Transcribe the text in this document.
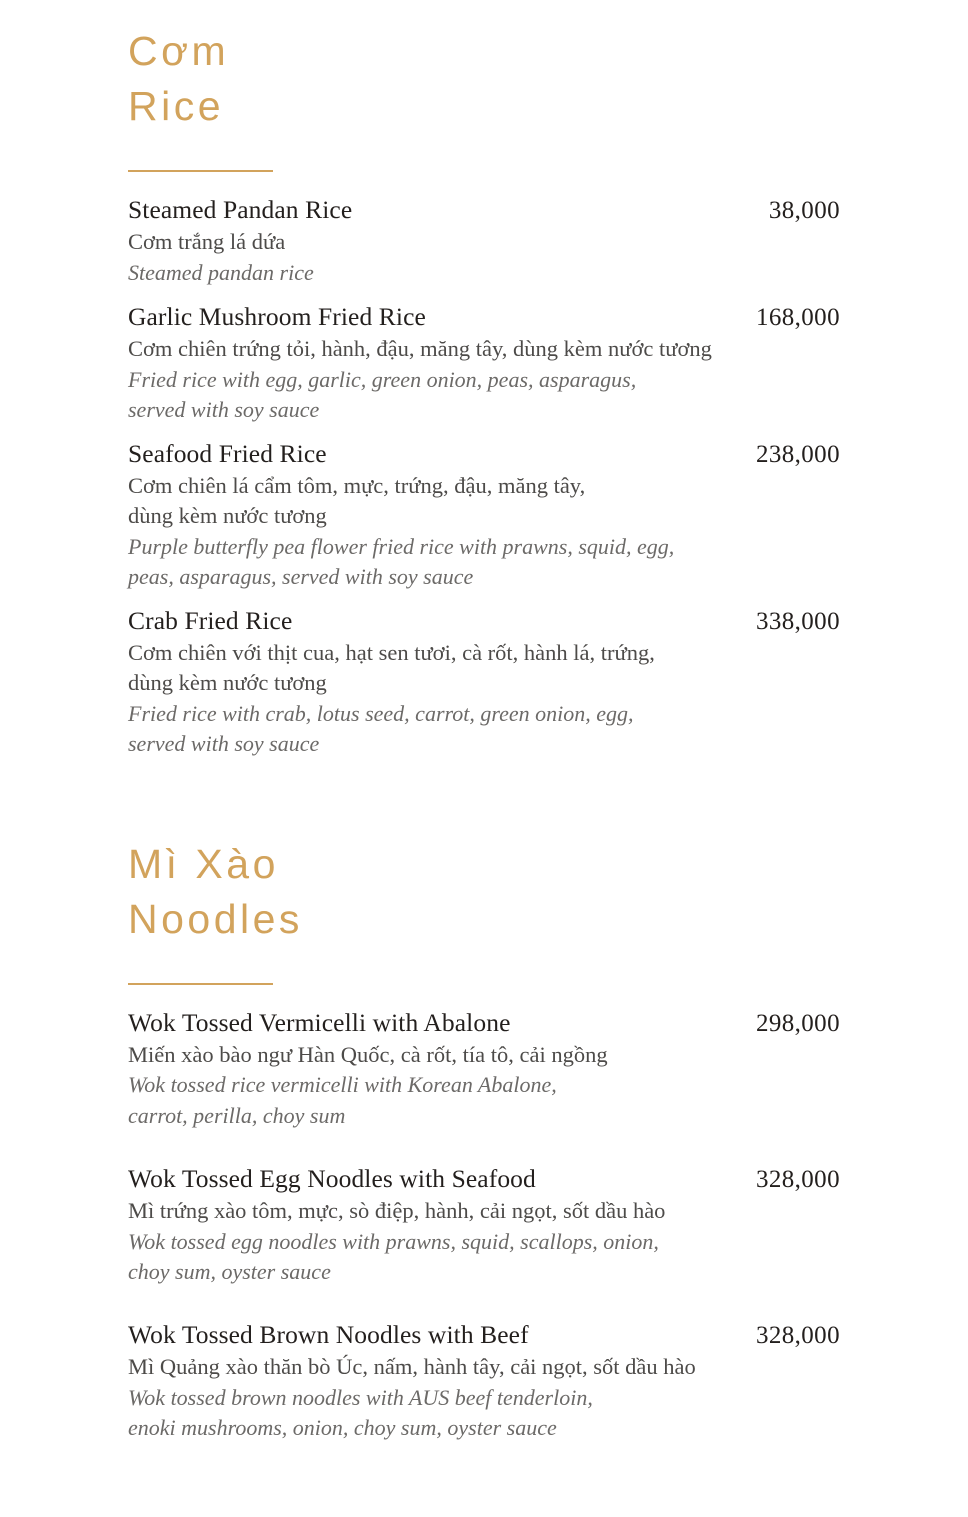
Cơm
Rice
Steamed Pandan Rice	38,000
Cơm trắng lá dứa
Steamed pandan rice
Garlic Mushroom Fried Rice	168,000
Cơm chiên trứng tỏi, hành, đậu, măng tây, dùng kèm nước tương
Fried rice with egg, garlic, green onion, peas, asparagus,
served with soy sauce
Seafood Fried Rice	238,000
Cơm chiên lá cẩm tôm, mực, trứng, đậu, măng tây,
dùng kèm nước tương
Purple butterfly pea flower fried rice with prawns, squid, egg,
peas, asparagus, served with soy sauce
Crab Fried Rice	338,000
Cơm chiên với thịt cua, hạt sen tươi, cà rốt, hành lá, trứng,
dùng kèm nước tương
Fried rice with crab, lotus seed, carrot, green onion, egg,
served with soy sauce
Mì Xào
Noodles
Wok Tossed Vermicelli with Abalone	298,000
Miến xào bào ngư Hàn Quốc, cà rốt, tía tô, cải ngồng
Wok tossed rice vermicelli with Korean Abalone,
carrot, perilla, choy sum
Wok Tossed Egg Noodles with Seafood	328,000
Mì trứng xào tôm, mực, sò điệp, hành, cải ngọt, sốt dầu hào
Wok tossed egg noodles with prawns, squid, scallops, onion,
choy sum, oyster sauce
Wok Tossed Brown Noodles with Beef	328,000
Mì Quảng xào thăn bò Úc, nấm, hành tây, cải ngọt, sốt dầu hào
Wok tossed brown noodles with AUS beef tenderloin,
enoki mushrooms, onion, choy sum, oyster sauce
